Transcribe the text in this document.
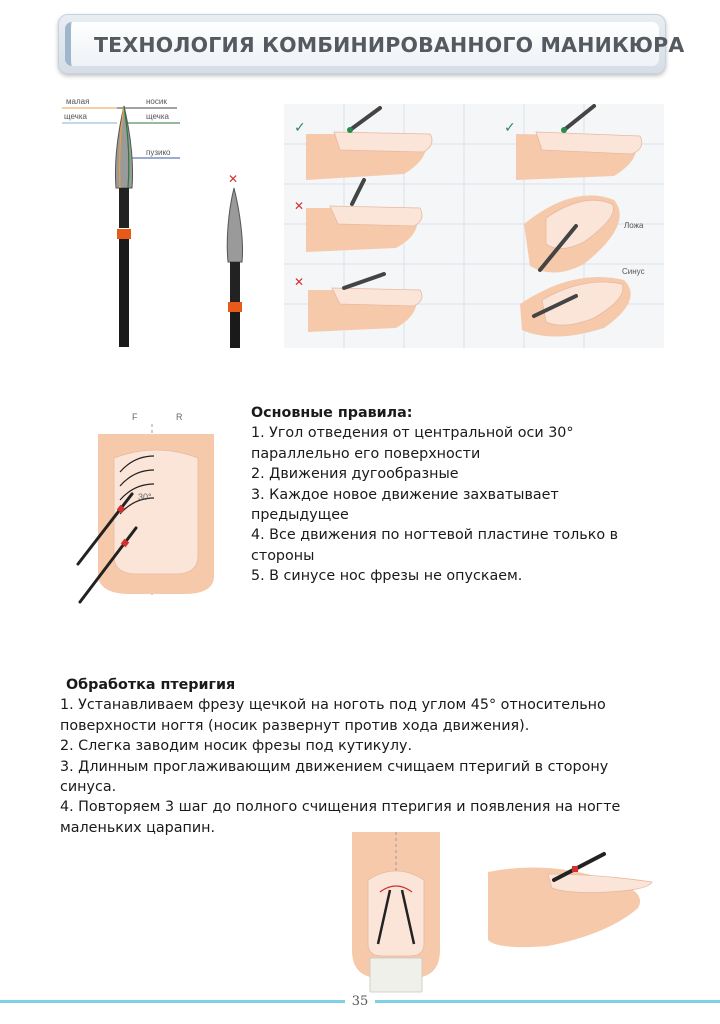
ТЕХНОЛОГИЯ КОМБИНИРОВАННОГО МАНИКЮРА
малая
щечка
носик
щечка
пузико
✕
✓	✓
✕
✕
Ложа
Синус
F	R
30°
Основные правила:
1. Угол отведения от центральной оси 30°
параллельно его поверхности
2. Движения дугообразные
3. Каждое новое движение захватывает
предыдущее
4. Все движения по ногтевой пластине только в
стороны
5. В синусе нос фрезы не опускаем.
Обработка птеригия
1. Устанавливаем фрезу щечкой на ноготь под углом 45° относительно
поверхности ногтя (носик развернут против хода движения).
2. Слегка заводим носик фрезы под кутикулу.
3. Длинным проглаживающим движением счищаем птеригий в сторону
синуса.
4. Повторяем 3 шаг до полного счищения птеригия и появления на ногте
маленьких царапин.
35
